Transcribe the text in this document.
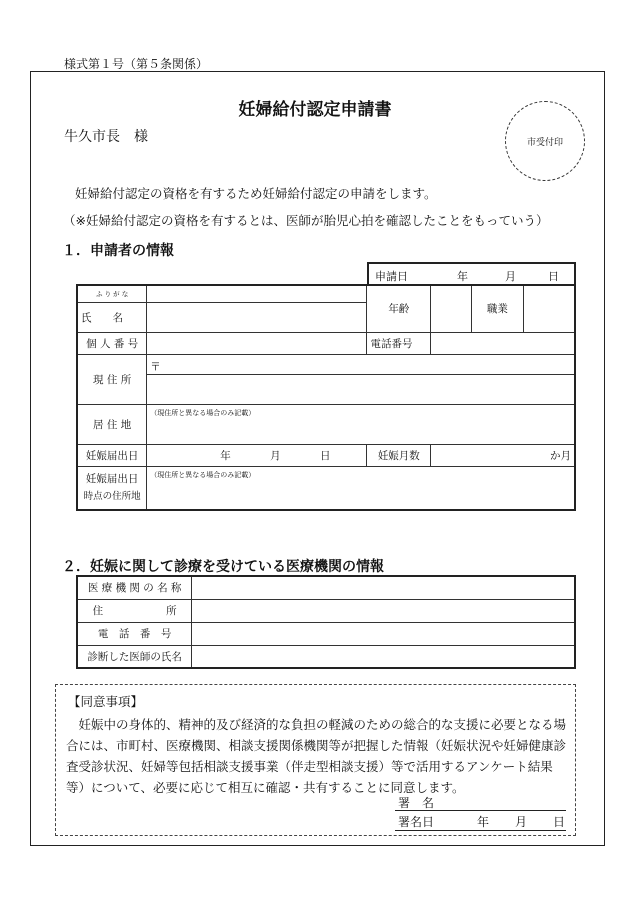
様式第１号（第５条関係）
妊婦給付認定申請書
牛久市長　様	市受付印
妊婦給付認定の資格を有するため妊婦給付認定の申請をします。
（※妊婦給付認定の資格を有するとは、医師が胎児心拍を確認したことをもっていう）
１．申請者の情報
申請日	年	月	日
ふ り が な		年齢		職業	
氏　　名					
個 人 番 号		電話番号			
現 住 所	〒				

居 住 地	（現住所と異なる場合のみ記載）				
妊娠届出日	年 月 日	妊娠月数	か月		

妊娠届出日
時点の住所地	（現住所と異なる場合のみ記載）				
２．妊娠に関して診療を受けている医療機関の情報
医 療 機 関 の 名 称	
住　　　　　　所	
電　話　番　号	
診断した医師の氏名	
【同意事項】
　妊娠中の身体的、精神的及び経済的な負担の軽減のための総合的な支援に必要となる場合には、市町村、医療機関、相談支援関係機関等が把握した情報（妊娠状況や妊婦健康診査受診状況、妊婦等包括相談支援事業（伴走型相談支援）等で活用するアンケート結果等）について、必要に応じて相互に確認・共有することに同意します。
署　名
署名日	年 月 日
